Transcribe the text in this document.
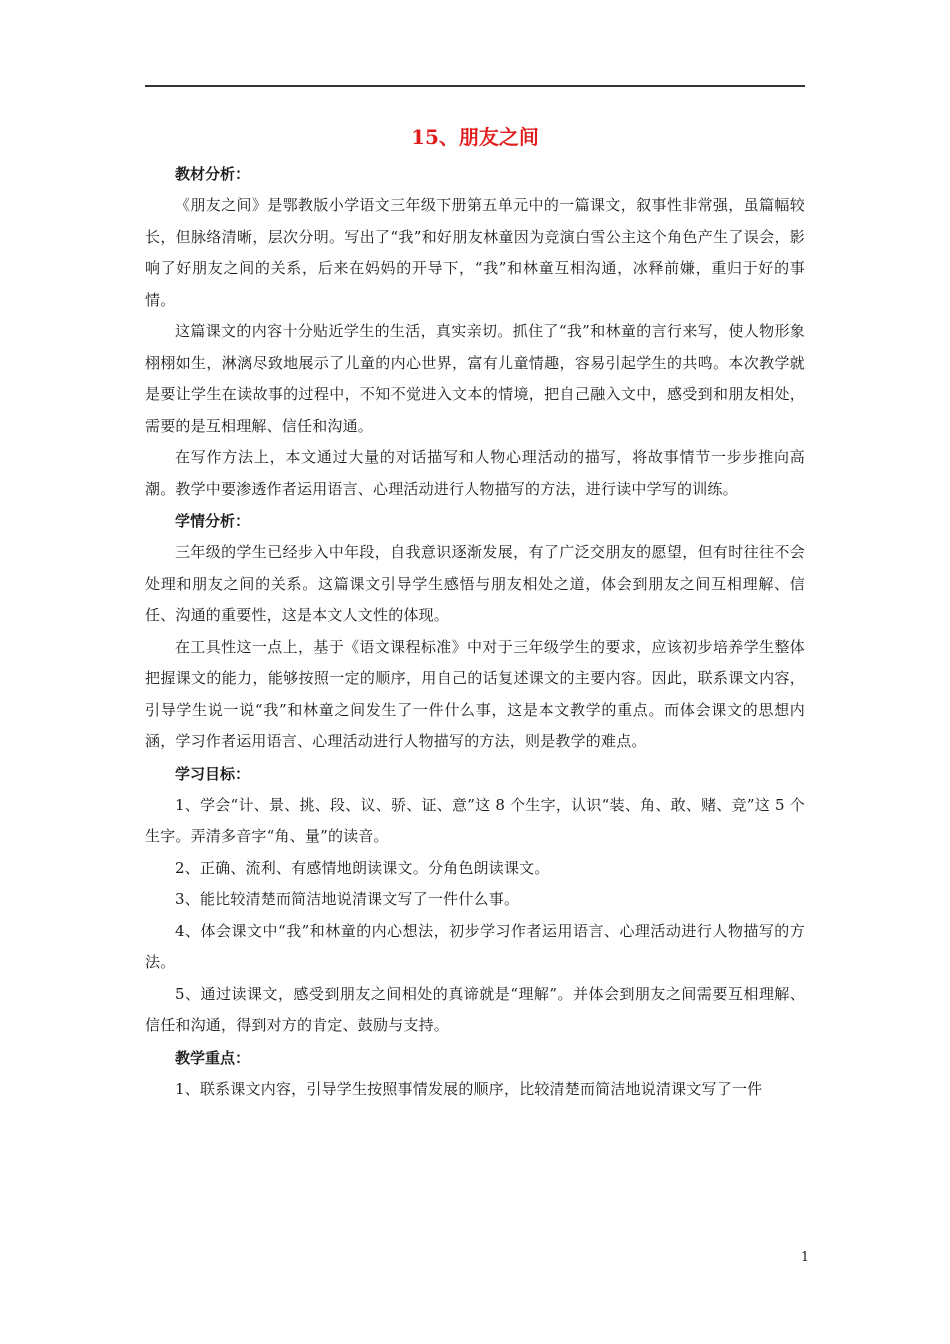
15、朋友之间

教材分析：

《朋友之间》是鄂教版小学语文三年级下册第五单元中的一篇课文，叙事性非常强，虽篇幅较长，但脉络清晰，层次分明。写出了“我”和好朋友林童因为竞演白雪公主这个角色产生了误会，影响了好朋友之间的关系，后来在妈妈的开导下，“我”和林童互相沟通，冰释前嫌，重归于好的事情。

这篇课文的内容十分贴近学生的生活，真实亲切。抓住了“我”和林童的言行来写，使人物形象栩栩如生，淋漓尽致地展示了儿童的内心世界，富有儿童情趣，容易引起学生的共鸣。本次教学就是要让学生在读故事的过程中，不知不觉进入文本的情境，把自己融入文中，感受到和朋友相处，需要的是互相理解、信任和沟通。

在写作方法上，本文通过大量的对话描写和人物心理活动的描写，将故事情节一步步推向高潮。教学中要渗透作者运用语言、心理活动进行人物描写的方法，进行读中学写的训练。

学情分析：

三年级的学生已经步入中年段，自我意识逐渐发展，有了广泛交朋友的愿望，但有时往往不会处理和朋友之间的关系。这篇课文引导学生感悟与朋友相处之道，体会到朋友之间互相理解、信任、沟通的重要性，这是本文人文性的体现。

在工具性这一点上，基于《语文课程标准》中对于三年级学生的要求，应该初步培养学生整体把握课文的能力，能够按照一定的顺序，用自己的话复述课文的主要内容。因此，联系课文内容，引导学生说一说“我”和林童之间发生了一件什么事，这是本文教学的重点。而体会课文的思想内涵，学习作者运用语言、心理活动进行人物描写的方法，则是教学的难点。

学习目标：

1、学会“计、景、挑、段、议、骄、证、意”这 8 个生字，认识“装、角、敢、赌、竞”这 5 个生字。弄清多音字“角、量”的读音。

2、正确、流利、有感情地朗读课文。分角色朗读课文。

3、能比较清楚而简洁地说清课文写了一件什么事。

4、体会课文中“我”和林童的内心想法，初步学习作者运用语言、心理活动进行人物描写的方法。

5、通过读课文，感受到朋友之间相处的真谛就是“理解”。并体会到朋友之间需要互相理解、信任和沟通，得到对方的肯定、鼓励与支持。

教学重点：

1、联系课文内容，引导学生按照事情发展的顺序，比较清楚而简洁地说清课文写了一件

1
